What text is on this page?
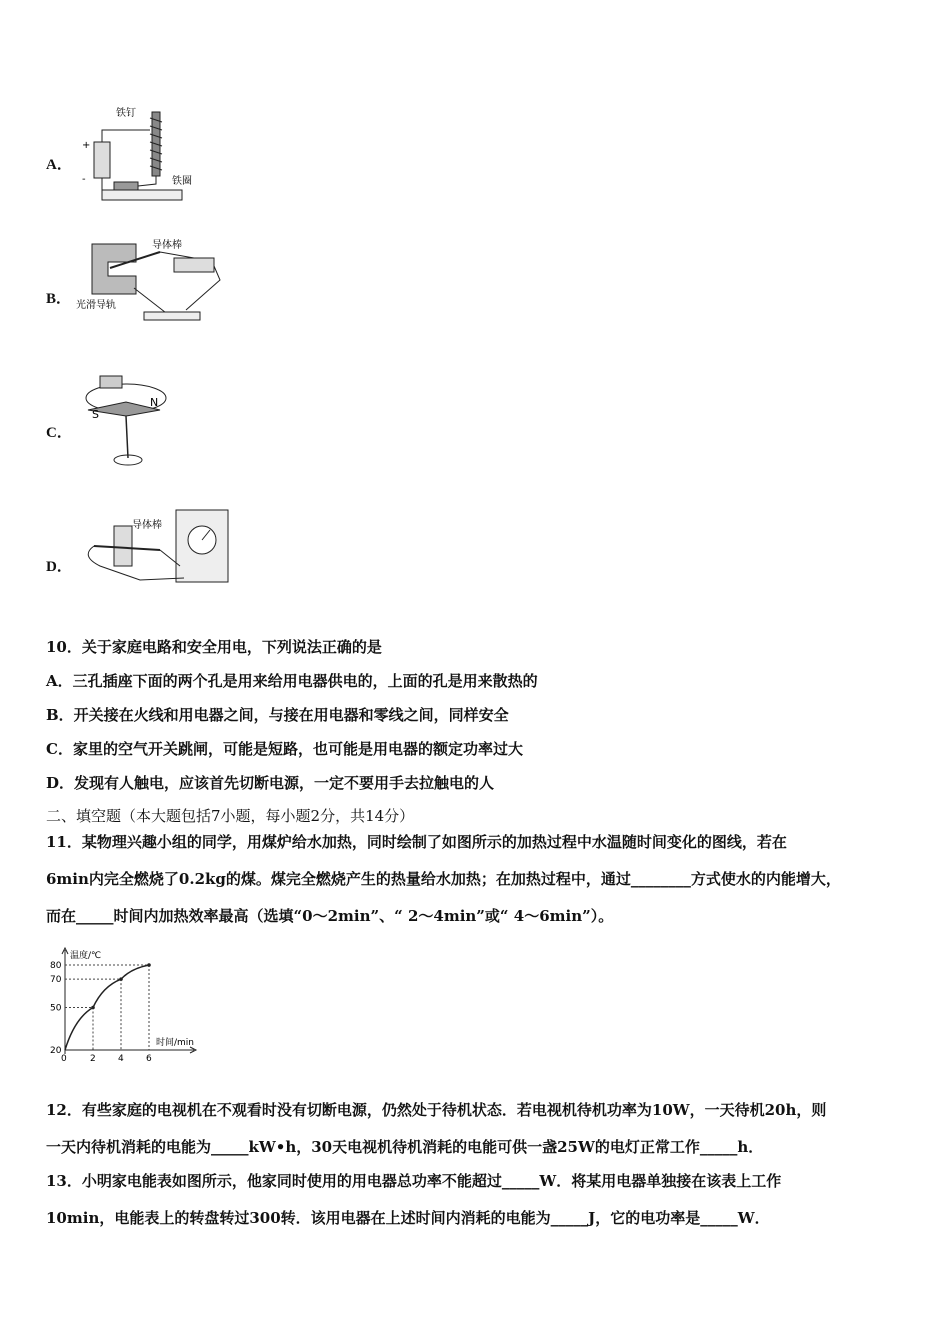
A．
+
-
铁钉
铁圈
B．
导体棒
光滑导轨
C．
S
N
D．
导体棒
10．关于家庭电路和安全用电，下列说法正确的是
A．三孔插座下面的两个孔是用来给用电器供电的，上面的孔是用来散热的
B．开关接在火线和用电器之间，与接在用电器和零线之间，同样安全
C．家里的空气开关跳闸，可能是短路，也可能是用电器的额定功率过大
D．发现有人触电，应该首先切断电源，一定不要用手去拉触电的人
二、填空题（本大题包括7小题，每小题2分，共14分）
11．某物理兴趣小组的同学，用煤炉给水加热，同时绘制了如图所示的加热过程中水温随时间变化的图线，若在
6min内完全燃烧了0.2kg的煤。煤完全燃烧产生的热量给水加热；在加热过程中，通过________方式使水的内能增大，
而在_____时间内加热效率最高（选填“0～2min”、“ 2～4min”或“ 4～6min”）。
温度/℃
时间/min
0	2 4 6
20
50
70
80
12．有些家庭的电视机在不观看时没有切断电源，仍然处于待机状态．若电视机待机功率为10W，一天待机20h，则
一天内待机消耗的电能为_____kW•h，30天电视机待机消耗的电能可供一盏25W的电灯正常工作_____h．
13．小明家电能表如图所示，他家同时使用的用电器总功率不能超过_____W．将某用电器单独接在该表上工作
10min，电能表上的转盘转过300转．该用电器在上述时间内消耗的电能为_____J，它的电功率是_____W．
